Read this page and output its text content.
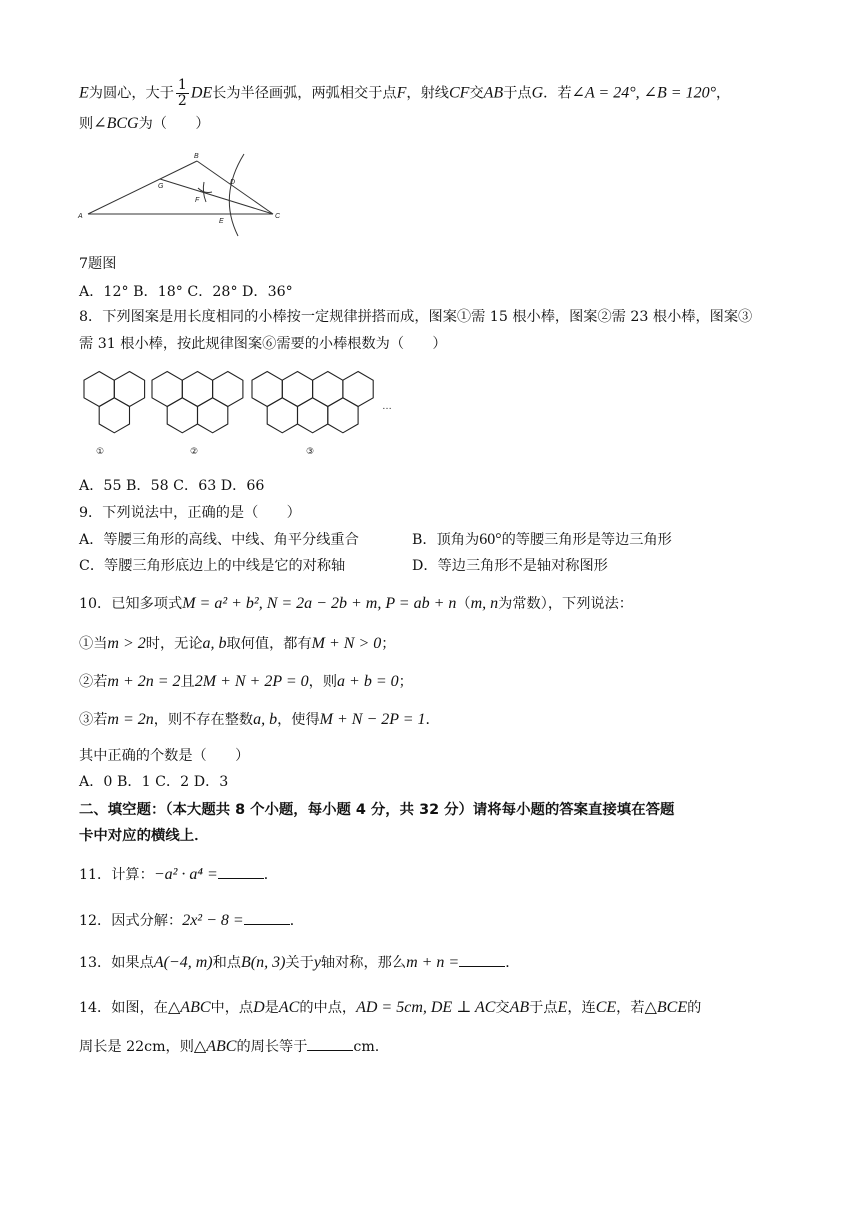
E为圆心，大于 $\frac{1}{2}$ DE长为半径画弧，两弧相交于点F，射线CF交AB于点G．若∠A = 24°, ∠B = 120°，
则∠BCG为（　　）
A
B
C
D
E
F
G
7题图
A．12° B．18° C．28° D．36°
8．下列图案是用长度相同的小棒按一定规律拼搭而成，图案①需 15 根小棒，图案②需 23 根小棒，图案③
需 31 根小棒，按此规律图案⑥需要的小棒根数为（　　）
①	②	③
…
A．55 B．58 C．63 D．66
9．下列说法中，正确的是（　　）
A．等腰三角形的高线、中线、角平分线重合	B．顶角为60°的等腰三角形是等边三角形
C．等腰三角形底边上的中线是它的对称轴	D．等边三角形不是轴对称图形
10．已知多项式M = a² + b², N = 2a − 2b + m, P = ab + n（m, n为常数），下列说法：
①当m > 2时，无论a, b取何值，都有M + N > 0；
②若m + 2n = 2且2M + N + 2P = 0，则a + b = 0；
③若m = 2n，则不存在整数a, b，使得M + N − 2P = 1．
其中正确的个数是（　　）
A．0 B．1 C．2 D．3
二、填空题：（本大题共 8 个小题，每小题 4 分，共 32 分）请将每小题的答案直接填在答题
卡中对应的横线上．
11．计算：−a² · a⁴ =	．
12．因式分解：2x² − 8 =	．
13．如果点A(−4, m)和点B(n, 3)关于y轴对称，那么m + n =	．
14．如图，在△ABC中，点D是AC的中点，AD = 5cm, DE ⊥ AC交AB于点E，连CE，若△BCE的
周长是 22cm，则△ABC的周长等于	cm.
